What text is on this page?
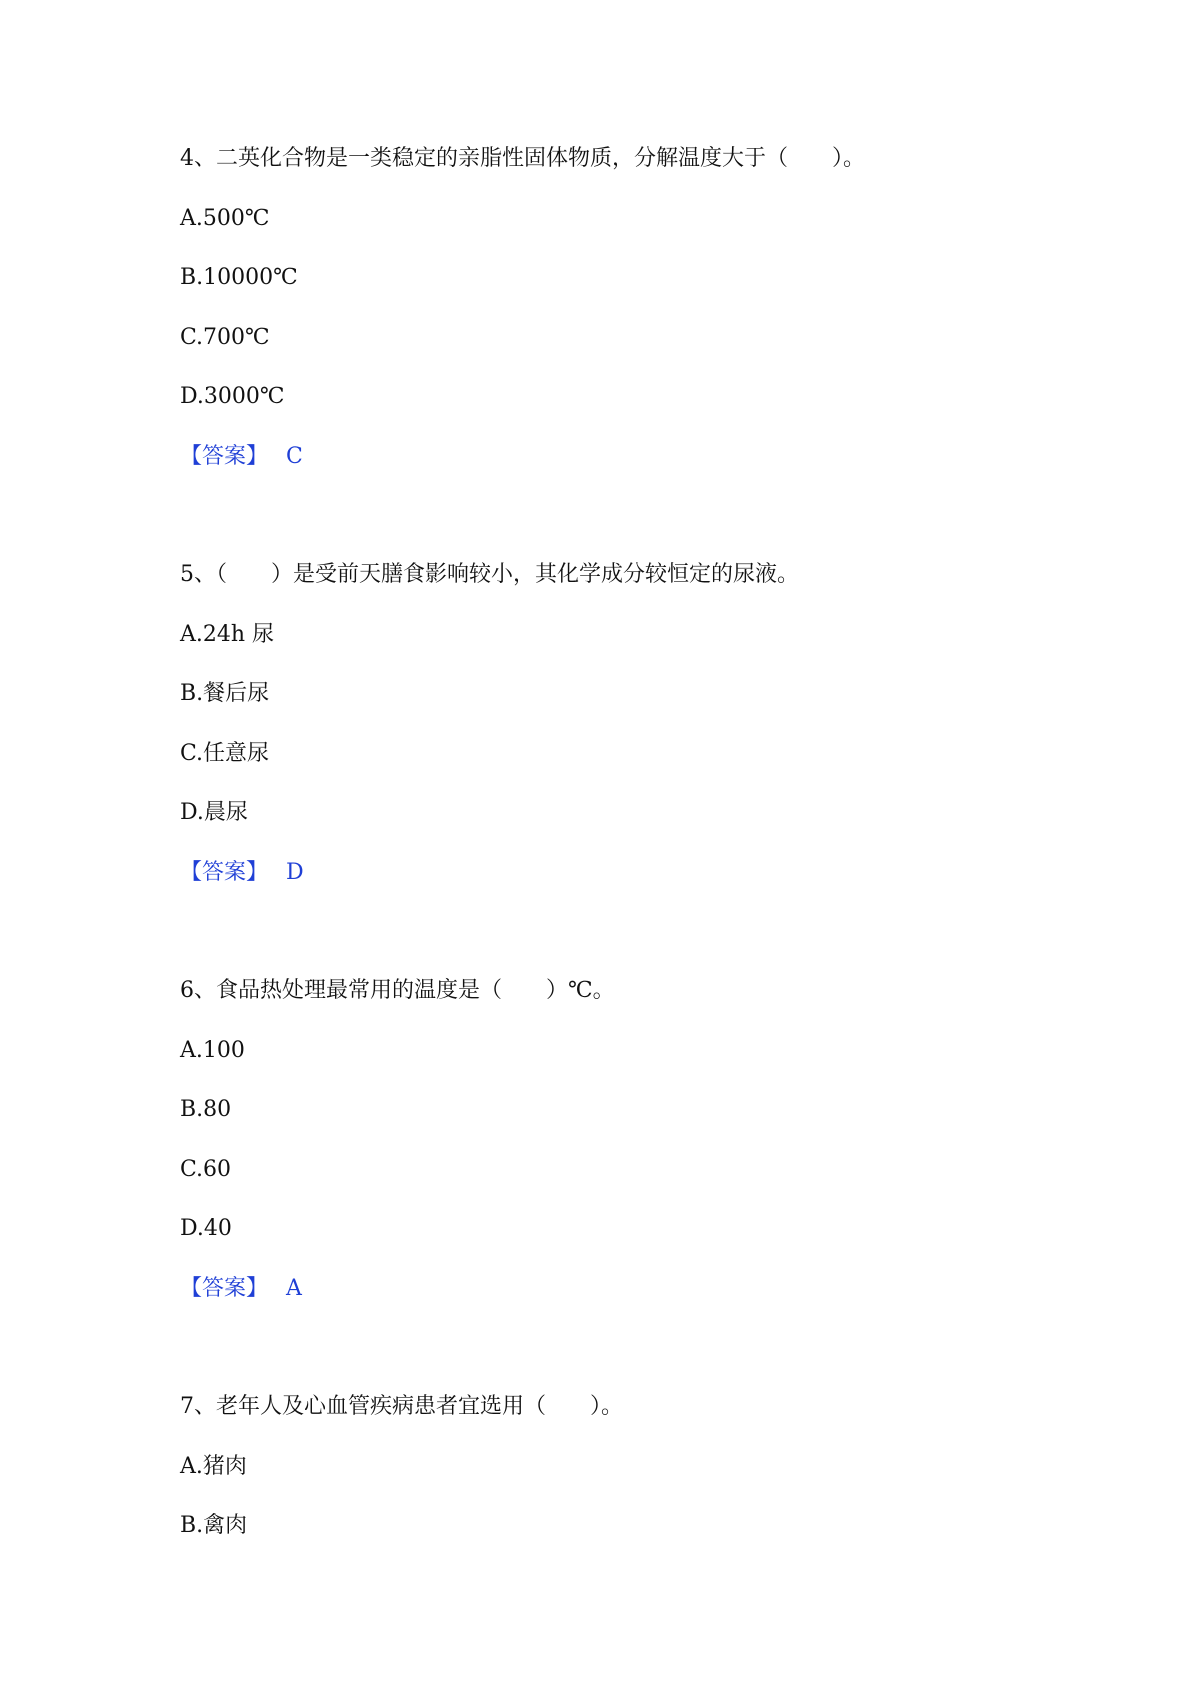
4、二英化合物是一类稳定的亲脂性固体物质，分解温度大于（　　）。
A.500℃
B.10000℃
C.700℃
D.3000℃
【答案】 C
5、（　　）是受前天膳食影响较小，其化学成分较恒定的尿液。
A.24h 尿
B.餐后尿
C.任意尿
D.晨尿
【答案】 D
6、食品热处理最常用的温度是（　　）℃。
A.100
B.80
C.60
D.40
【答案】 A
7、老年人及心血管疾病患者宜选用（　　）。
A.猪肉
B.禽肉
